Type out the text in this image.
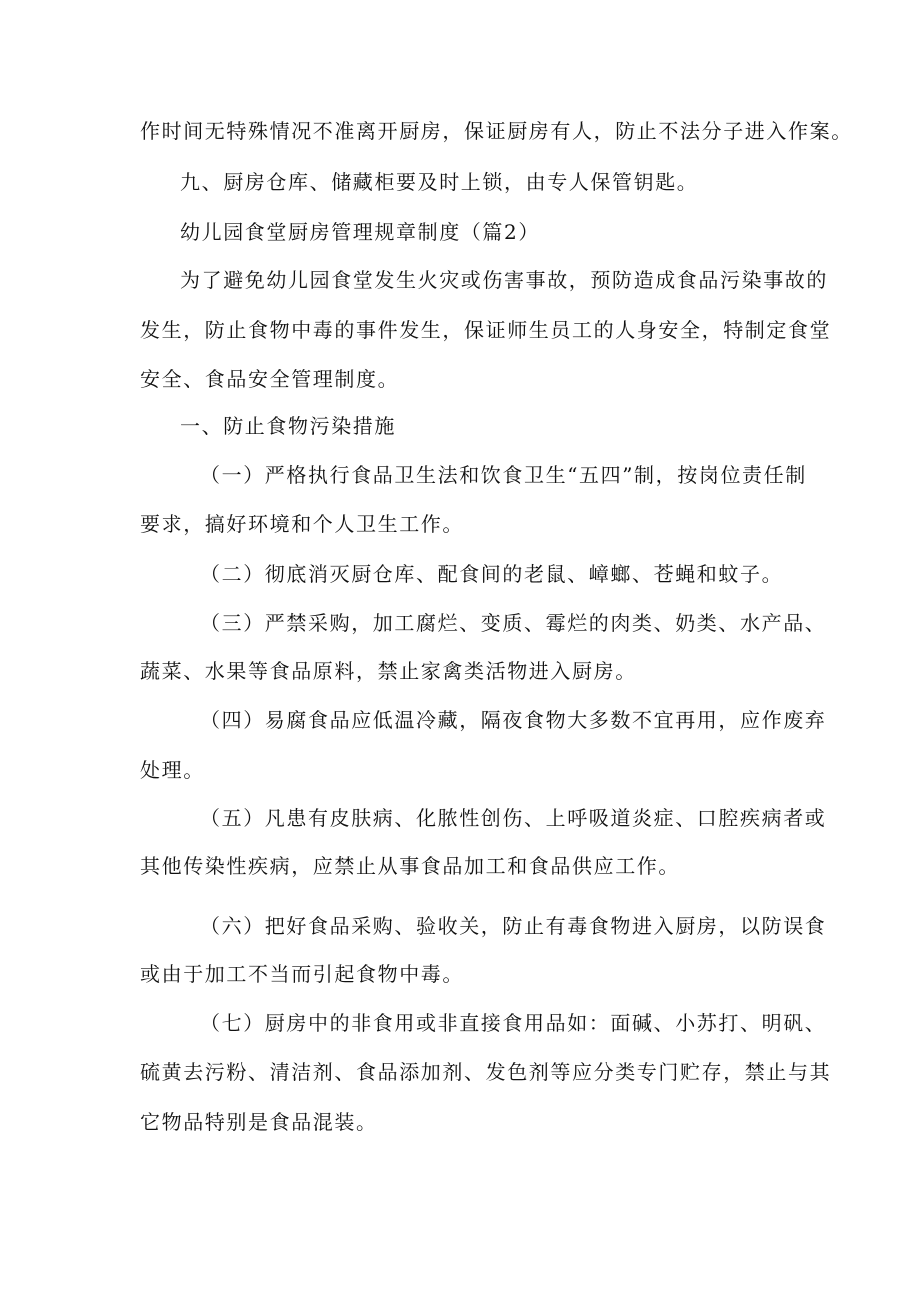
作时间无特殊情况不准离开厨房，保证厨房有人，防止不法分子进入作案。
九、厨房仓库、储藏柜要及时上锁，由专人保管钥匙。
幼儿园食堂厨房管理规章制度（篇2）
为了避免幼儿园食堂发生火灾或伤害事故，预防造成食品污染事故的
发生，防止食物中毒的事件发生，保证师生员工的人身安全，特制定食堂
安全、食品安全管理制度。
一、防止食物污染措施
（一）严格执行食品卫生法和饮食卫生“五四”制，按岗位责任制
要求，搞好环境和个人卫生工作。
（二）彻底消灭厨仓库、配食间的老鼠、嶂螂、苍蝇和蚊子。
（三）严禁采购，加工腐烂、变质、霉烂的肉类、奶类、水产品、
蔬菜、水果等食品原料，禁止家禽类活物进入厨房。
（四）易腐食品应低温冷藏，隔夜食物大多数不宜再用，应作废弃
处理。
（五）凡患有皮肤病、化脓性创伤、上呼吸道炎症、口腔疾病者或
其他传染性疾病，应禁止从事食品加工和食品供应工作。
（六）把好食品采购、验收关，防止有毒食物进入厨房，以防误食
或由于加工不当而引起食物中毒。
（七）厨房中的非食用或非直接食用品如：面碱、小苏打、明矾、
硫黄去污粉、清洁剂、食品添加剂、发色剂等应分类专门贮存，禁止与其
它物品特别是食品混装。
